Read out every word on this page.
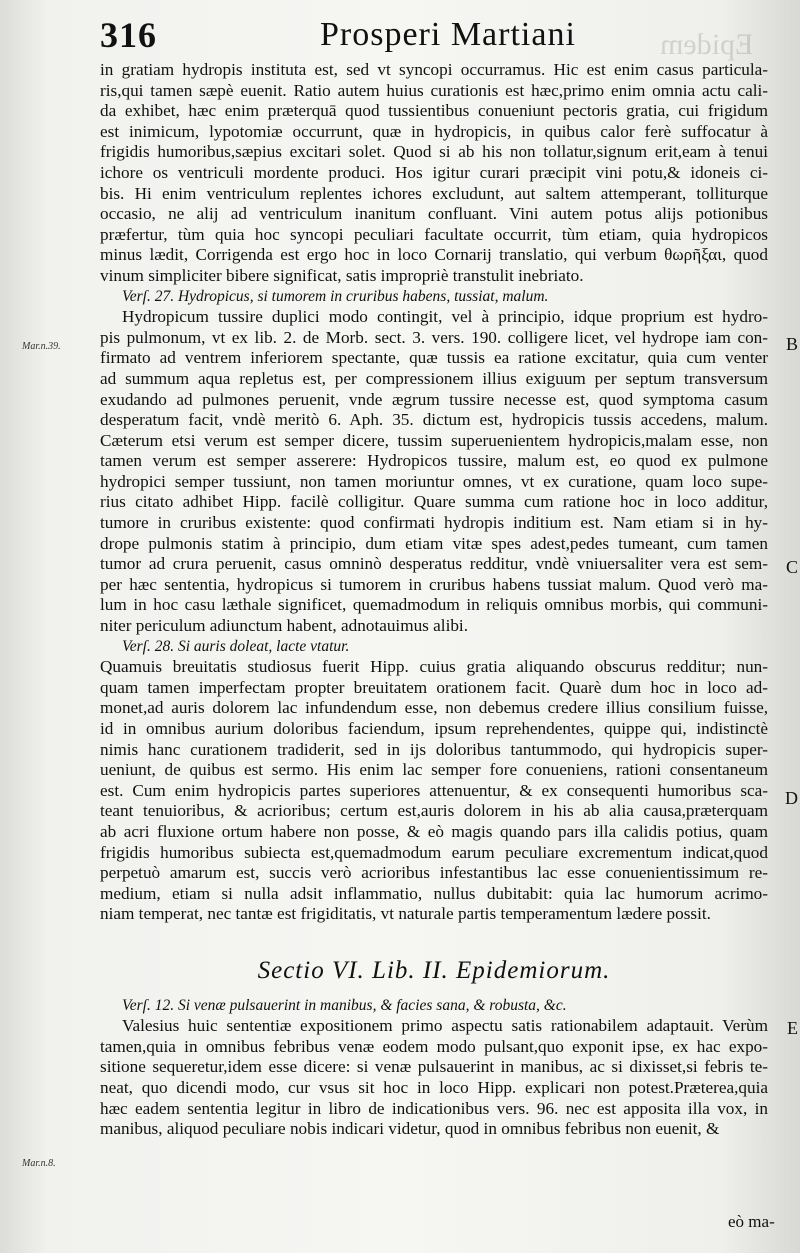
Epidem
316	Prosperi Martiani
Mar.n.39.
Mar.n.8.
B
C
D
E

in gratiam hydropis instituta est, sed vt syncopi occurramus. Hic est enim casus particula-
ris,qui tamen sæpè euenit. Ratio autem huius curationis est hæc,primo enim omnia actu cali-
da exhibet, hæc enim præterquā quod tussientibus conueniunt pectoris gratia, cui frigidum
est inimicum, lypotomiæ occurrunt, quæ in hydropicis, in quibus calor ferè suffocatur à
frigidis humoribus,sæpius excitari solet. Quod si ab his non tollatur,signum erit,eam à tenui
ichore os ventriculi mordente produci. Hos igitur curari præcipit vini potu,& idoneis ci-
bis. Hi enim ventriculum replentes ichores excludunt, aut saltem attemperant, tolliturque
occasio, ne alij ad ventriculum inanitum confluant. Vini autem potus alijs potionibus
præfertur, tùm quia hoc syncopi peculiari facultate occurrit, tùm etiam, quia hydropicos
minus lædit, Corrigenda est ergo hoc in loco Cornarij translatio, qui verbum θωρῆξαι, quod
vinum simpliciter bibere significat, satis impropriè transtulit inebriato.

Verſ. 27. Hydropicus, si tumorem in cruribus habens, tussiat, malum.

Hydropicum tussire duplici modo contingit, vel à principio, idque proprium est hydro-
pis pulmonum, vt ex lib. 2. de Morb. sect. 3. vers. 190. colligere licet, vel hydrope iam con-
firmato ad ventrem inferiorem spectante, quæ tussis ea ratione excitatur, quia cum venter
ad summum aqua repletus est, per compressionem illius exiguum per septum transversum
exudando ad pulmones peruenit, vnde ægrum tussire necesse est, quod symptoma casum
desperatum facit, vndè meritò 6. Aph. 35. dictum est, hydropicis tussis accedens, malum.
Cæterum etsi verum est semper dicere, tussim superuenientem hydropicis,malam esse, non
tamen verum est semper asserere: Hydropicos tussire, malum est, eo quod ex pulmone
hydropici semper tussiunt, non tamen moriuntur omnes, vt ex curatione, quam loco supe-
rius citato adhibet Hipp. facilè colligitur. Quare summa cum ratione hoc in loco additur,
tumore in cruribus existente: quod confirmati hydropis inditium est. Nam etiam si in hy-
drope pulmonis statim à principio, dum etiam vitæ spes adest,pedes tumeant, cum tamen
tumor ad crura peruenit, casus omninò desperatus redditur, vndè vniuersaliter vera est sem-
per hæc sententia, hydropicus si tumorem in cruribus habens tussiat malum. Quod verò ma-
lum in hoc casu læthale significet, quemadmodum in reliquis omnibus morbis, qui communi-
niter periculum adiunctum habent, adnotauimus alibi.

Verſ. 28. Si auris doleat, lacte vtatur.

Quamuis breuitatis studiosus fuerit Hipp. cuius gratia aliquando obscurus redditur; nun-
quam tamen imperfectam propter breuitatem orationem facit. Quarè dum hoc in loco ad-
monet,ad auris dolorem lac infundendum esse, non debemus credere illius consilium fuisse,
id in omnibus aurium doloribus faciendum, ipsum reprehendentes, quippe qui, indistinctè
nimis hanc curationem tradiderit, sed in ijs doloribus tantummodo, qui hydropicis super-
ueniunt, de quibus est sermo. His enim lac semper fore conueniens, rationi consentaneum
est. Cum enim hydropicis partes superiores attenuentur, & ex consequenti humoribus sca-
teant tenuioribus, & acrioribus; certum est,auris dolorem in his ab alia causa,præterquam
ab acri fluxione ortum habere non posse, & eò magis quando pars illa calidis potius, quam
frigidis humoribus subiecta est,quemadmodum earum peculiare excrementum indicat,quod
perpetuò amarum est, succis verò acrioribus infestantibus lac esse conuenientissimum re-
medium, etiam si nulla adsit inflammatio, nullus dubitabit: quia lac humorum acrimo-
niam temperat, nec tantæ est frigiditatis, vt naturale partis temperamentum lædere possit.

Sectio VI. Lib. II. Epidemiorum.

Verſ. 12. Si venæ pulsauerint in manibus, & facies sana, & robusta, &c.

Valesius huic sententiæ expositionem primo aspectu satis rationabilem adaptauit. Verùm
tamen,quia in omnibus febribus venæ eodem modo pulsant,quo exponit ipse, ex hac expo-
sitione sequeretur,idem esse dicere: si venæ pulsauerint in manibus, ac si dixisset,si febris te-
neat, quo dicendi modo, cur vsus sit hoc in loco Hipp. explicari non potest.Præterea,quia
hæc eadem sententia legitur in libro de indicationibus vers. 96. nec est apposita illa vox, in
manibus, aliquod peculiare nobis indicari videtur, quod in omnibus febribus non euenit, &

eò ma-
